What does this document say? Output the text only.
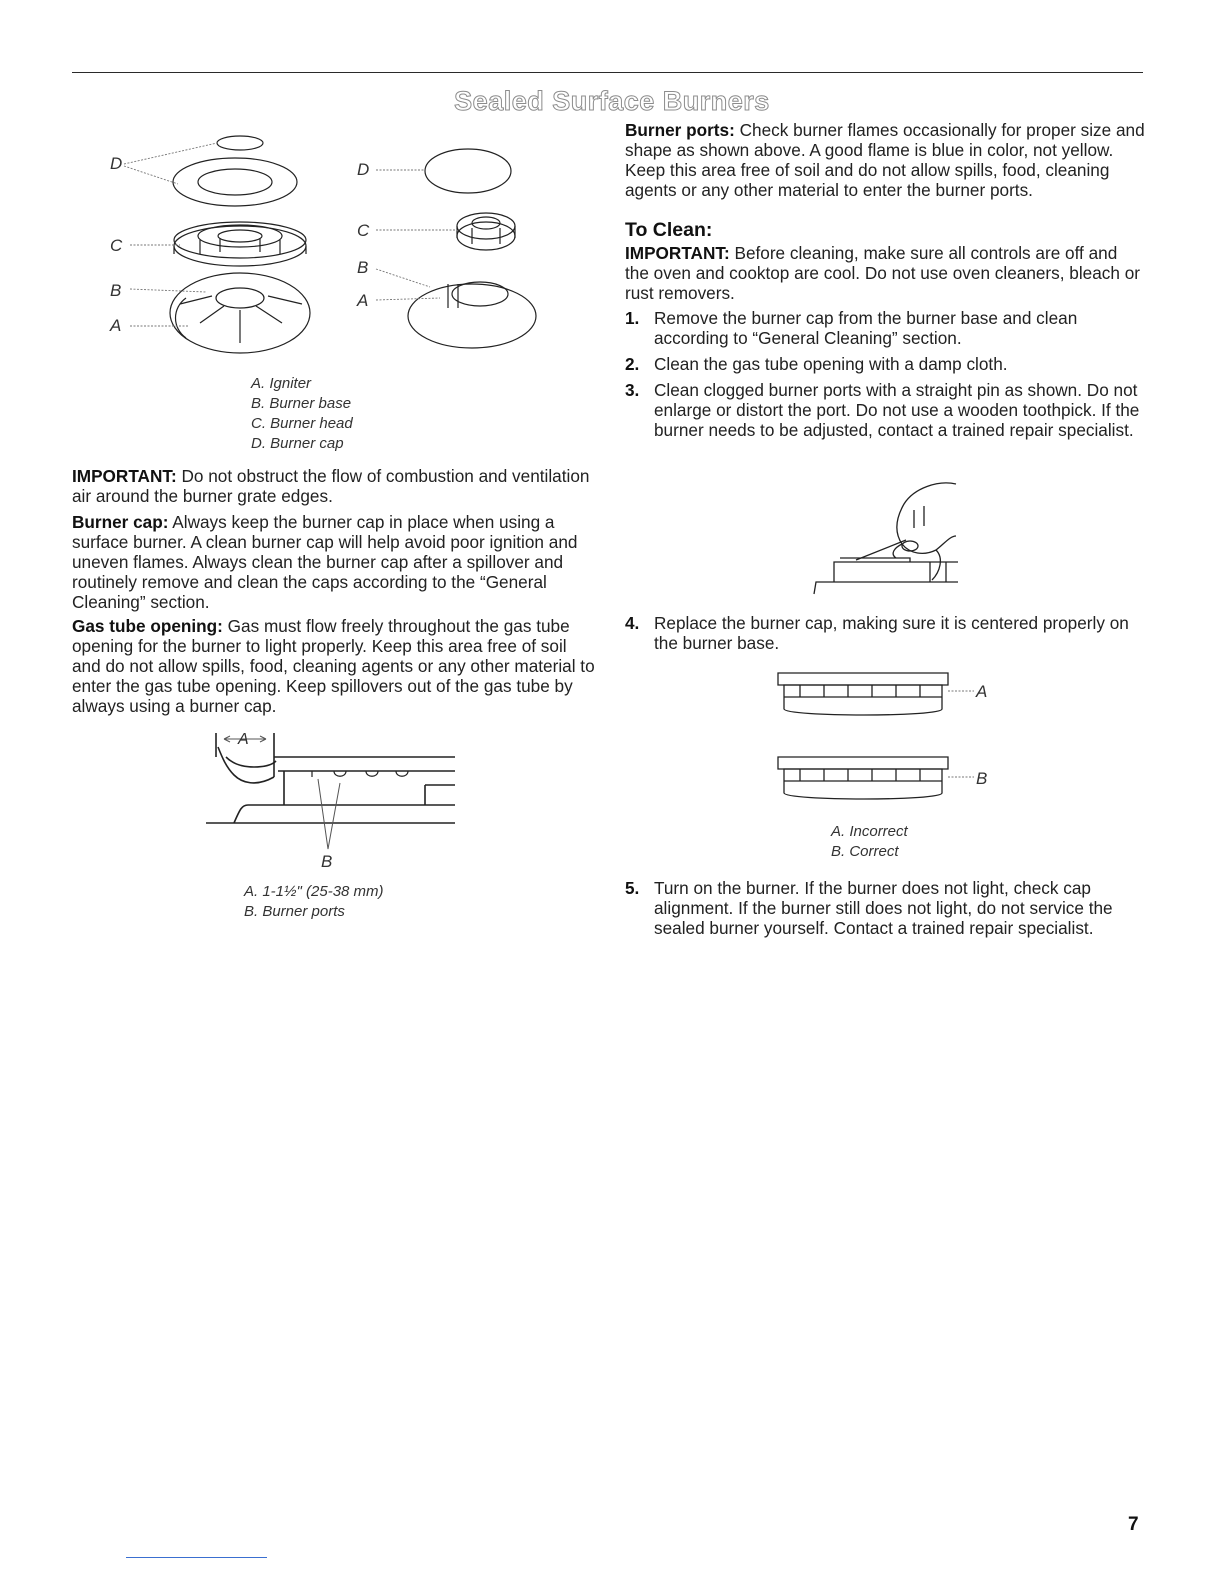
Sealed Surface Burners
D
C
B
A
D
C
B
A
A. Igniter
B. Burner base
C. Burner head
D. Burner cap

IMPORTANT: Do not obstruct the flow of combustion and ventilation air around the burner grate edges.

Burner cap: Always keep the burner cap in place when using a surface burner. A clean burner cap will help avoid poor ignition and uneven flames. Always clean the burner cap after a spillover and routinely remove and clean the caps according to the “General Cleaning” section.

Gas tube opening: Gas must flow freely throughout the gas tube opening for the burner to light properly. Keep this area free of soil and do not allow spills, food, cleaning agents or any other material to enter the gas tube opening. Keep spillovers out of the gas tube by always using a burner cap.

A
B
A. 1-1½" (25-38 mm)
B. Burner ports

Burner ports: Check burner flames occasionally for proper size and shape as shown above. A good flame is blue in color, not yellow. Keep this area free of soil and do not allow spills, food, cleaning agents or any other material to enter the burner ports.

To Clean:

IMPORTANT: Before cleaning, make sure all controls are off and the oven and cooktop are cool. Do not use oven cleaners, bleach or rust removers.

1. Remove the burner cap from the burner base and clean according to “General Cleaning” section.
2. Clean the gas tube opening with a damp cloth.
3. Clean clogged burner ports with a straight pin as shown. Do not enlarge or distort the port. Do not use a wooden toothpick. If the burner needs to be adjusted, contact a trained repair specialist.
4. Replace the burner cap, making sure it is centered properly on the burner base.
A
B
A. Incorrect
B. Correct
5. Turn on the burner. If the burner does not light, check cap alignment. If the burner still does not light, do not service the sealed burner yourself. Contact a trained repair specialist.
7
